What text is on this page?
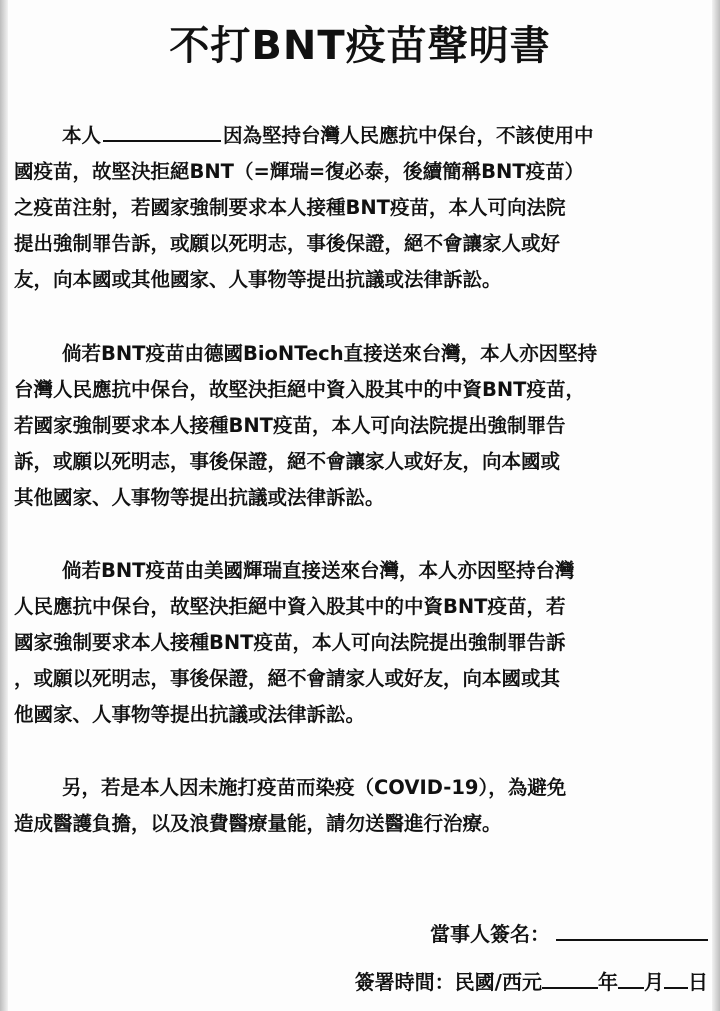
不打BNT疫苗聲明書
本人	因為堅持台灣人民應抗中保台，不該使用中
國疫苗，故堅決拒絕BNT（=輝瑞=復必泰，後續簡稱BNT疫苗）
之疫苗注射，若國家強制要求本人接種BNT疫苗，本人可向法院
提出強制罪告訴，或願以死明志，事後保證，絕不會讓家人或好
友，向本國或其他國家、人事物等提出抗議或法律訴訟。
倘若BNT疫苗由德國BioNTech直接送來台灣，本人亦因堅持
台灣人民應抗中保台，故堅決拒絕中資入股其中的中資BNT疫苗，
若國家強制要求本人接種BNT疫苗，本人可向法院提出強制罪告
訴，或願以死明志，事後保證，絕不會讓家人或好友，向本國或
其他國家、人事物等提出抗議或法律訴訟。
倘若BNT疫苗由美國輝瑞直接送來台灣，本人亦因堅持台灣
人民應抗中保台，故堅決拒絕中資入股其中的中資BNT疫苗，若
國家強制要求本人接種BNT疫苗，本人可向法院提出強制罪告訴
，或願以死明志，事後保證，絕不會請家人或好友，向本國或其
他國家、人事物等提出抗議或法律訴訟。
另，若是本人因未施打疫苗而染疫（COVID-19），為避免
造成醫護負擔，以及浪費醫療量能，請勿送醫進行治療。
當事人簽名：
簽署時間：民國/西元	年 月 日
